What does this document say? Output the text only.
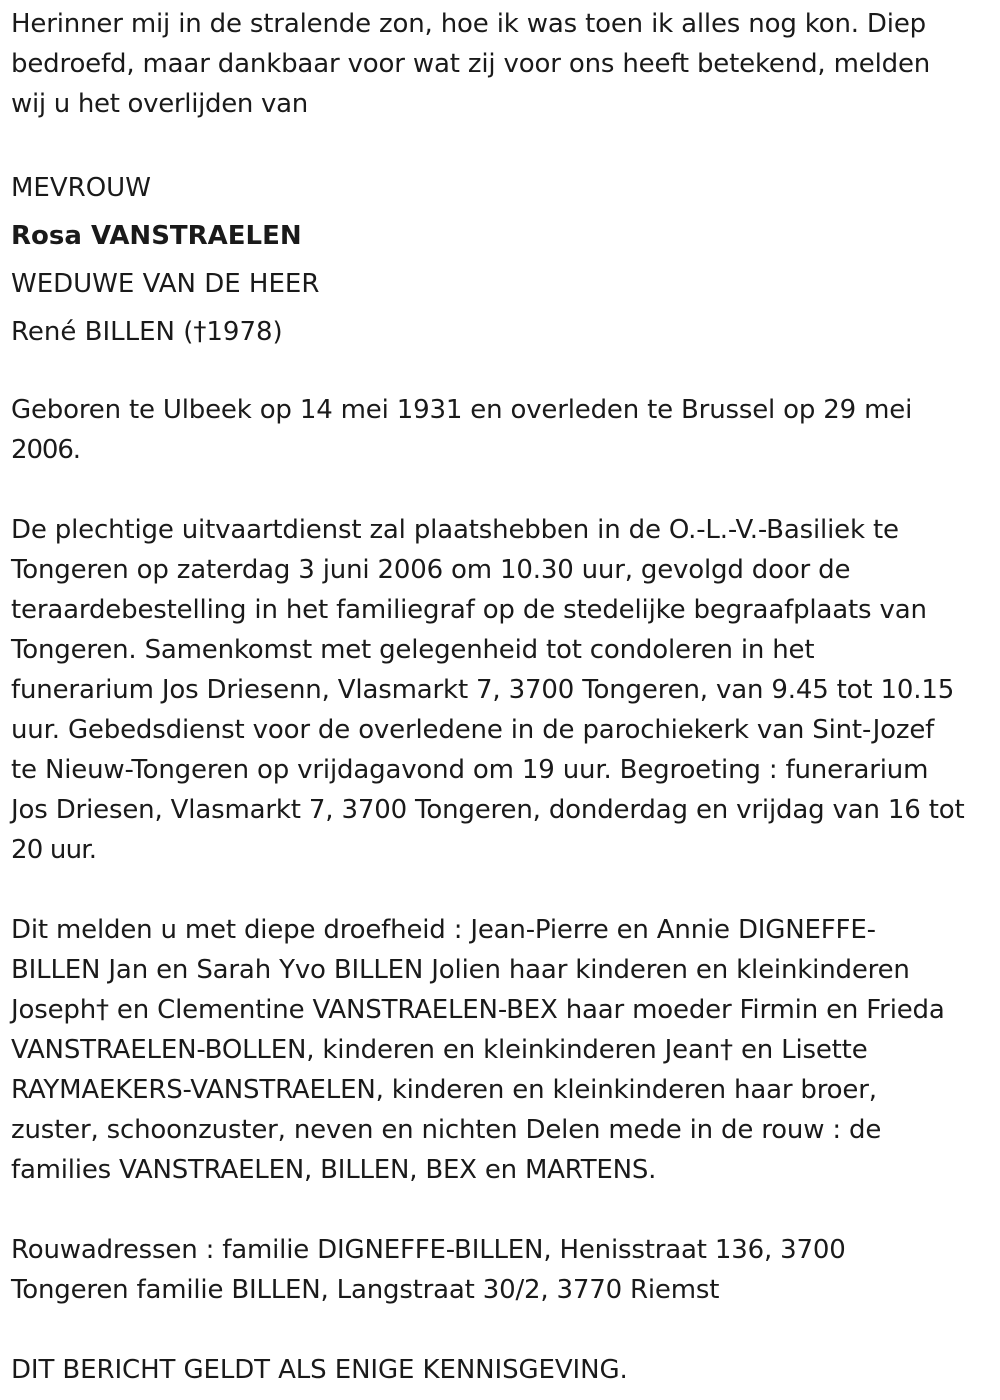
Herinner mij in de stralende zon, hoe ik was toen ik alles nog kon. Diep
bedroefd, maar dankbaar voor wat zij voor ons heeft betekend, melden
wij u het overlijden van
MEVROUW
Rosa VANSTRAELEN
WEDUWE VAN DE HEER
René BILLEN (†1978)
Geboren te Ulbeek op 14 mei 1931 en overleden te Brussel op 29 mei
2006.
De plechtige uitvaartdienst zal plaatshebben in de O.-L.-V.-Basiliek te
Tongeren op zaterdag 3 juni 2006 om 10.30 uur, gevolgd door de
teraardebestelling in het familiegraf op de stedelijke begraafplaats van
Tongeren. Samenkomst met gelegenheid tot condoleren in het
funerarium Jos Driesenn, Vlasmarkt 7, 3700 Tongeren, van 9.45 tot 10.15
uur. Gebedsdienst voor de overledene in de parochiekerk van Sint-Jozef
te Nieuw-Tongeren op vrijdagavond om 19 uur. Begroeting : funerarium
Jos Driesen, Vlasmarkt 7, 3700 Tongeren, donderdag en vrijdag van 16 tot
20 uur.
Dit melden u met diepe droefheid : Jean-Pierre en Annie DIGNEFFE-
BILLEN Jan en Sarah Yvo BILLEN Jolien haar kinderen en kleinkinderen
Joseph† en Clementine VANSTRAELEN-BEX haar moeder Firmin en Frieda
VANSTRAELEN-BOLLEN, kinderen en kleinkinderen Jean† en Lisette
RAYMAEKERS-VANSTRAELEN, kinderen en kleinkinderen haar broer,
zuster, schoonzuster, neven en nichten Delen mede in de rouw : de
families VANSTRAELEN, BILLEN, BEX en MARTENS.
Rouwadressen : familie DIGNEFFE-BILLEN, Henisstraat 136, 3700
Tongeren familie BILLEN, Langstraat 30/2, 3770 Riemst
DIT BERICHT GELDT ALS ENIGE KENNISGEVING.
